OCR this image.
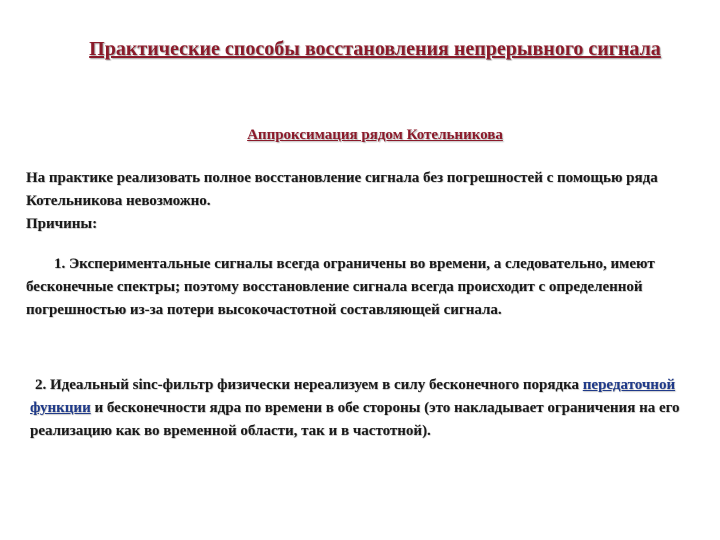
Практические способы восстановления непрерывного сигнала
Аппроксимация рядом Котельникова
На практике реализовать полное восстановление сигнала без погрешностей с помощью ряда Котельникова невозможно.
Причины:

1. Экспериментальные сигналы всегда ограничены во времени, а следовательно, имеют бесконечные спектры; поэтому восстановление сигнала всегда происходит с определенной погрешностью из-за потери высокочастотной составляющей сигнала.

2. Идеальный sinc-фильтр физически нереализуем в силу бесконечного порядка передаточной функции и бесконечности ядра по времени в обе стороны (это накладывает ограничения на его реализацию как во временной области, так и в частотной).
